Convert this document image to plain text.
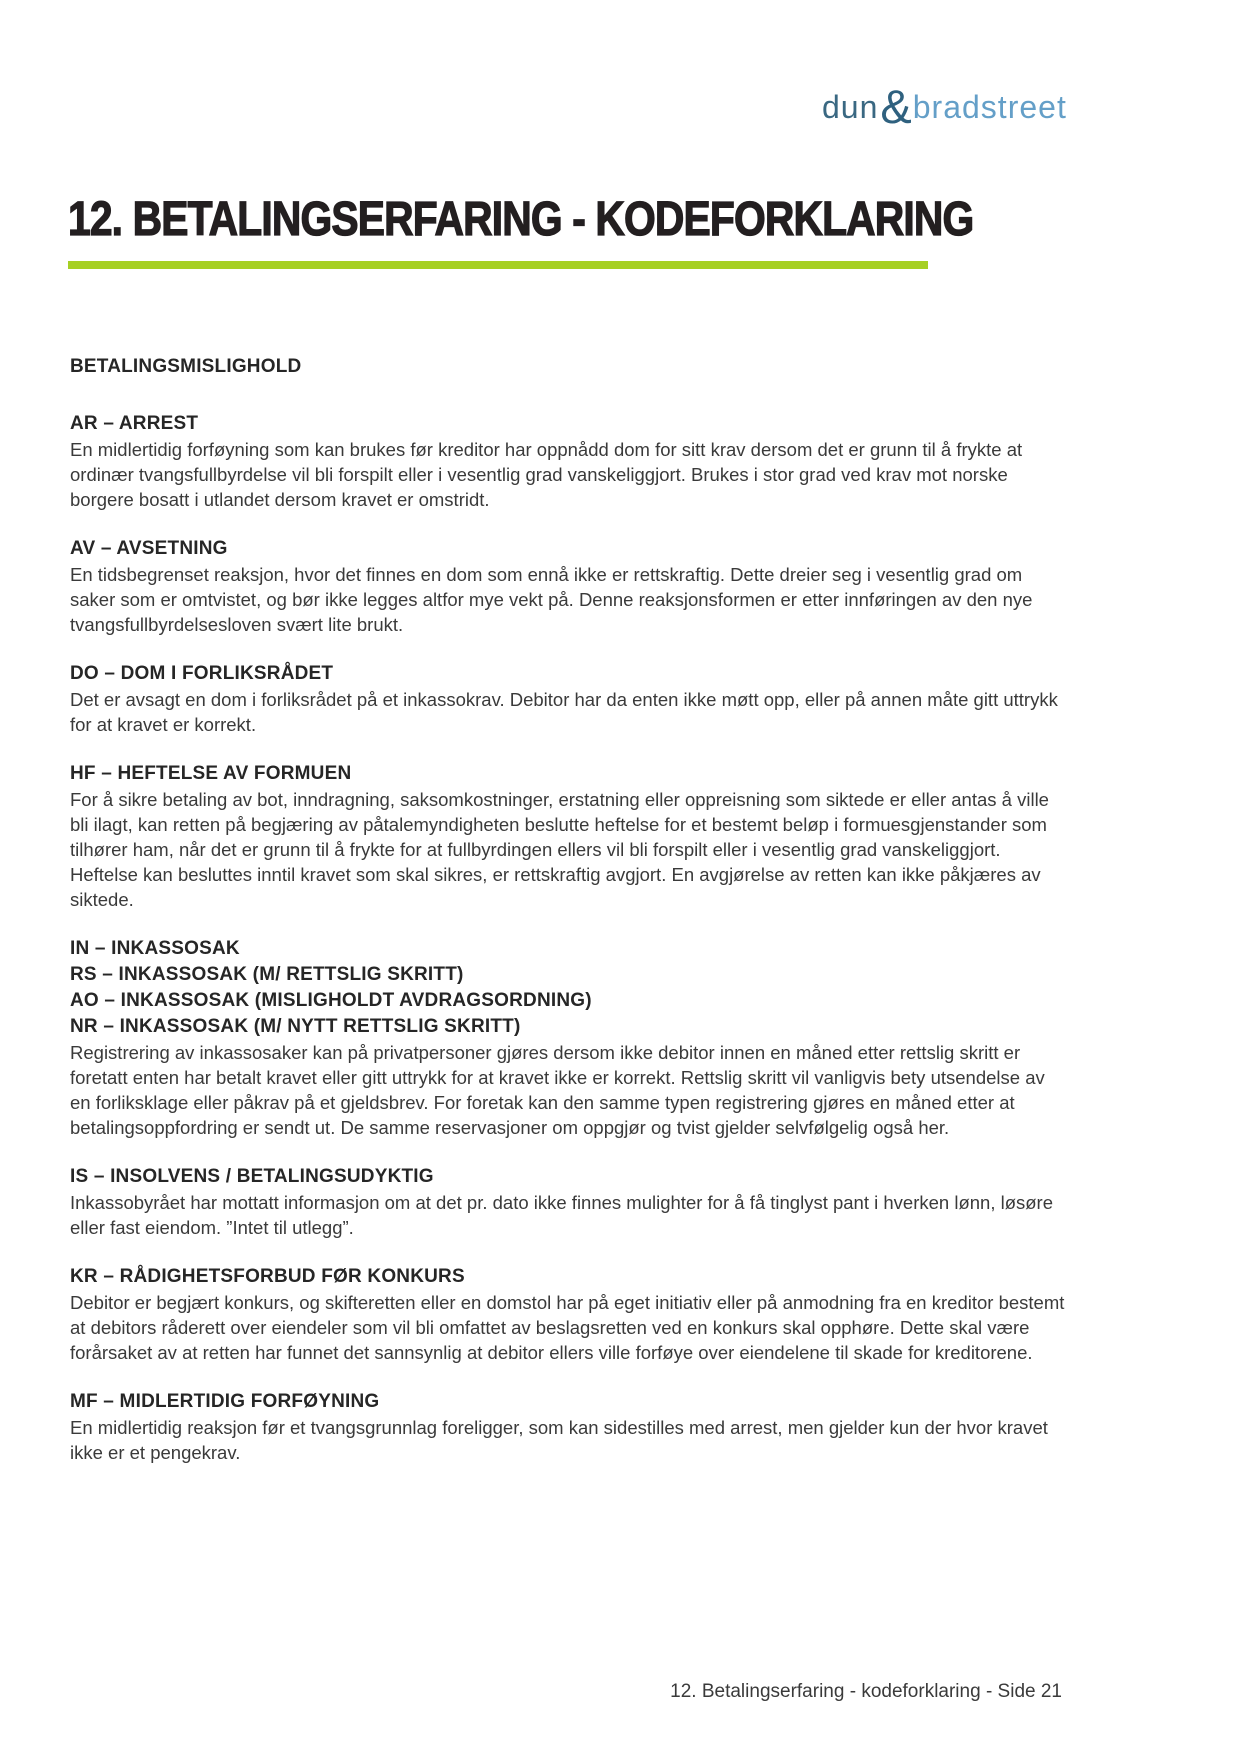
dun&bradstreet
12. BETALINGSERFARING - KODEFORKLARING
BETALINGSMISLIGHOLD
AR – ARREST
En midlertidig forføyning som kan brukes før kreditor har oppnådd dom for sitt krav dersom det er grunn til å frykte at ordinær tvangsfullbyrdelse vil bli forspilt eller i vesentlig grad vanskeliggjort. Brukes i stor grad ved krav mot norske borgere bosatt i utlandet dersom kravet er omstridt.
AV – AVSETNING
En tidsbegrenset reaksjon, hvor det finnes en dom som ennå ikke er rettskraftig. Dette dreier seg i vesentlig grad om saker som er omtvistet, og bør ikke legges altfor mye vekt på. Denne reaksjonsformen er etter innføringen av den nye tvangsfullbyrdelsesloven svært lite brukt.
DO – DOM I FORLIKSRÅDET
Det er avsagt en dom i forliksrådet på et inkassokrav. Debitor har da enten ikke møtt opp, eller på annen måte gitt uttrykk for at kravet er korrekt.
HF – HEFTELSE AV FORMUEN
For å sikre betaling av bot, inndragning, saksomkostninger, erstatning eller oppreisning som siktede er eller antas å ville bli ilagt, kan retten på begjæring av påtalemyndigheten beslutte heftelse for et bestemt beløp i formuesgjenstander som tilhører ham, når det er grunn til å frykte for at fullbyrdingen ellers vil bli forspilt eller i vesentlig grad vanskeliggjort. Heftelse kan besluttes inntil kravet som skal sikres, er rettskraftig avgjort. En avgjørelse av retten kan ikke påkjæres av siktede.
IN – INKASSOSAK
RS – INKASSOSAK (M/ RETTSLIG SKRITT)
AO – INKASSOSAK (MISLIGHOLDT AVDRAGSORDNING)
NR – INKASSOSAK (M/ NYTT RETTSLIG SKRITT)
Registrering av inkassosaker kan på privatpersoner gjøres dersom ikke debitor innen en måned etter rettslig skritt er foretatt enten har betalt kravet eller gitt uttrykk for at kravet ikke er korrekt. Rettslig skritt vil vanligvis bety utsendelse av en forliksklage eller påkrav på et gjeldsbrev. For foretak kan den samme typen registrering gjøres en måned etter at betalingsoppfordring er sendt ut. De samme reservasjoner om oppgjør og tvist gjelder selvfølgelig også her.
IS – INSOLVENS / BETALINGSUDYKTIG
Inkassobyrået har mottatt informasjon om at det pr. dato ikke finnes mulighter for å få tinglyst pant i hverken lønn, løsøre eller fast eiendom. ”Intet til utlegg”.
KR – RÅDIGHETSFORBUD FØR KONKURS
Debitor er begjært konkurs, og skifteretten eller en domstol har på eget initiativ eller på anmodning fra en kreditor bestemt at debitors råderett over eiendeler som vil bli omfattet av beslagsretten ved en konkurs skal opphøre. Dette skal være forårsaket av at retten har funnet det sannsynlig at debitor ellers ville forføye over eiendelene til skade for kreditorene.
MF – MIDLERTIDIG FORFØYNING
En midlertidig reaksjon før et tvangsgrunnlag foreligger, som kan sidestilles med arrest, men gjelder kun der hvor kravet ikke er et pengekrav.
12. Betalingserfaring - kodeforklaring - Side 21
